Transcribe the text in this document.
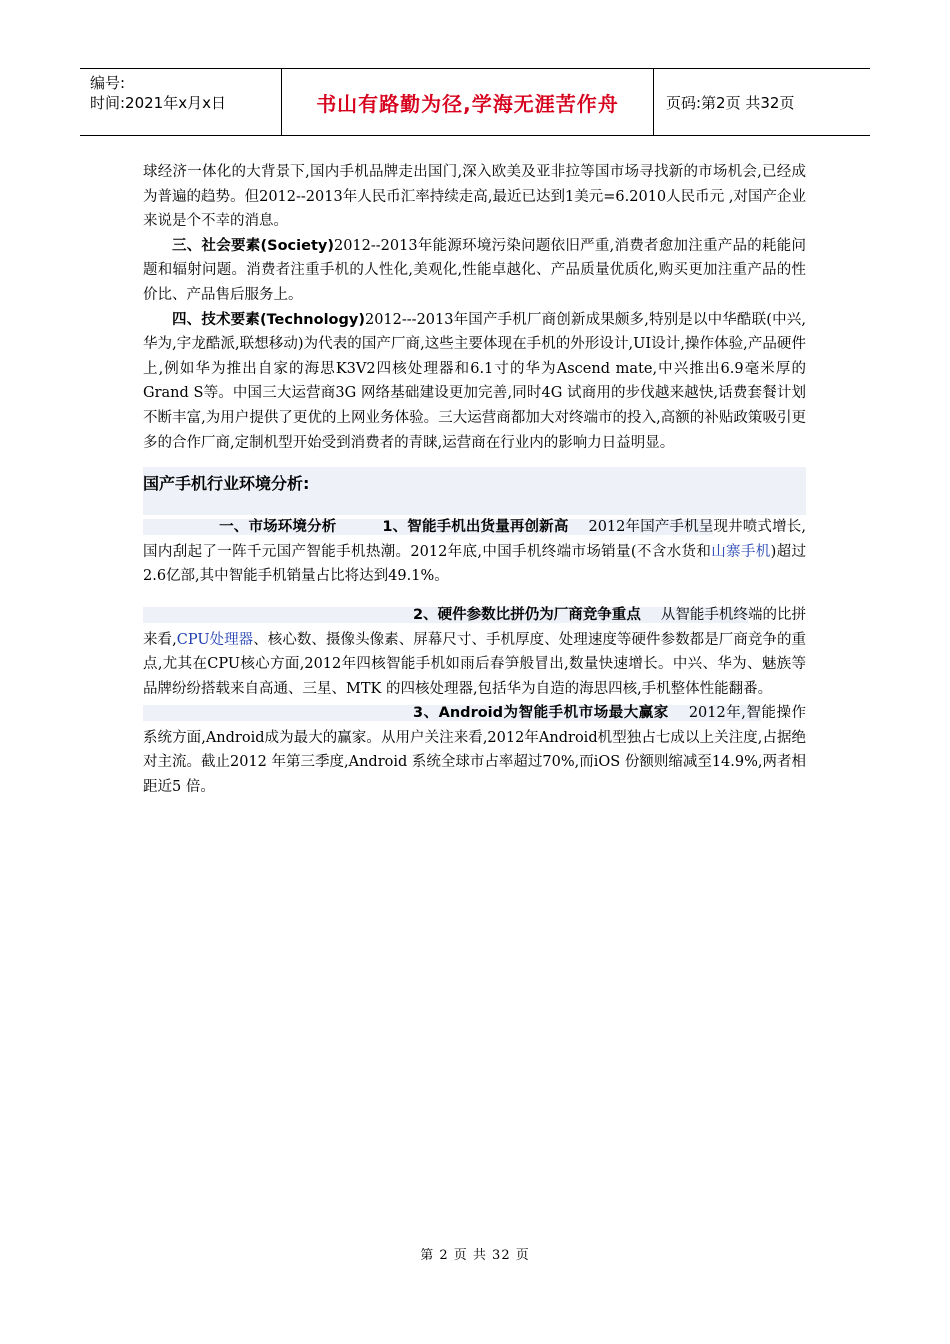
编号:
时间:2021年x月x日	书山有路勤为径,学海无涯苦作舟	页码:第2页 共32页

球经济一体化的大背景下,国内手机品牌走出国门,深入欧美及亚非拉等国市场寻找新的市场机会,已经成为普遍的趋势。但2012--2013年人民币汇率持续走高,最近已达到1美元=6.2010人民币元 ,对国产企业来说是个不幸的消息。

三、社会要素(Society)2012--2013年能源环境污染问题依旧严重,消费者愈加注重产品的耗能问题和辐射问题。消费者注重手机的人性化,美观化,性能卓越化、产品质量优质化,购买更加注重产品的性价比、产品售后服务上。

四、技术要素(Technology)2012---2013年国产手机厂商创新成果颇多,特别是以中华酷联(中兴,华为,宇龙酷派,联想移动)为代表的国产厂商,这些主要体现在手机的外形设计,UI设计,操作体验,产品硬件上,例如华为推出自家的海思K3V2四核处理器和6.1寸的华为Ascend mate,中兴推出6.9毫米厚的Grand S等。中国三大运营商3G 网络基础建设更加完善,同时4G 试商用的步伐越来越快,话费套餐计划不断丰富,为用户提供了更优的上网业务体验。三大运营商都加大对终端市的投入,高额的补贴政策吸引更多的合作厂商,定制机型开始受到消费者的青睐,运营商在行业内的影响力日益明显。

国产手机行业环境分析:

一、市场环境分析	1、智能手机出货量再创新高 2012年国产手机呈现井喷式增长,国内刮起了一阵千元国产智能手机热潮。2012年底,中国手机终端市场销量(不含水货和山寨手机)超过2.6亿部,其中智能手机销量占比将达到49.1%。

2、硬件参数比拼仍为厂商竞争重点 从智能手机终端的比拼来看,CPU处理器、核心数、摄像头像素、屏幕尺寸、手机厚度、处理速度等硬件参数都是厂商竞争的重点,尤其在CPU核心方面,2012年四核智能手机如雨后春笋般冒出,数量快速增长。中兴、华为、魅族等品牌纷纷搭载来自高通、三星、MTK 的四核处理器,包括华为自造的海思四核,手机整体性能翻番。

3、Android为智能手机市场最大赢家 2012年,智能操作系统方面,Android成为最大的赢家。从用户关注来看,2012年Android机型独占七成以上关注度,占据绝对主流。截止2012 年第三季度,Android 系统全球市占率超过70%,而iOS 份额则缩减至14.9%,两者相距近5 倍。

第 2 页 共 32 页
